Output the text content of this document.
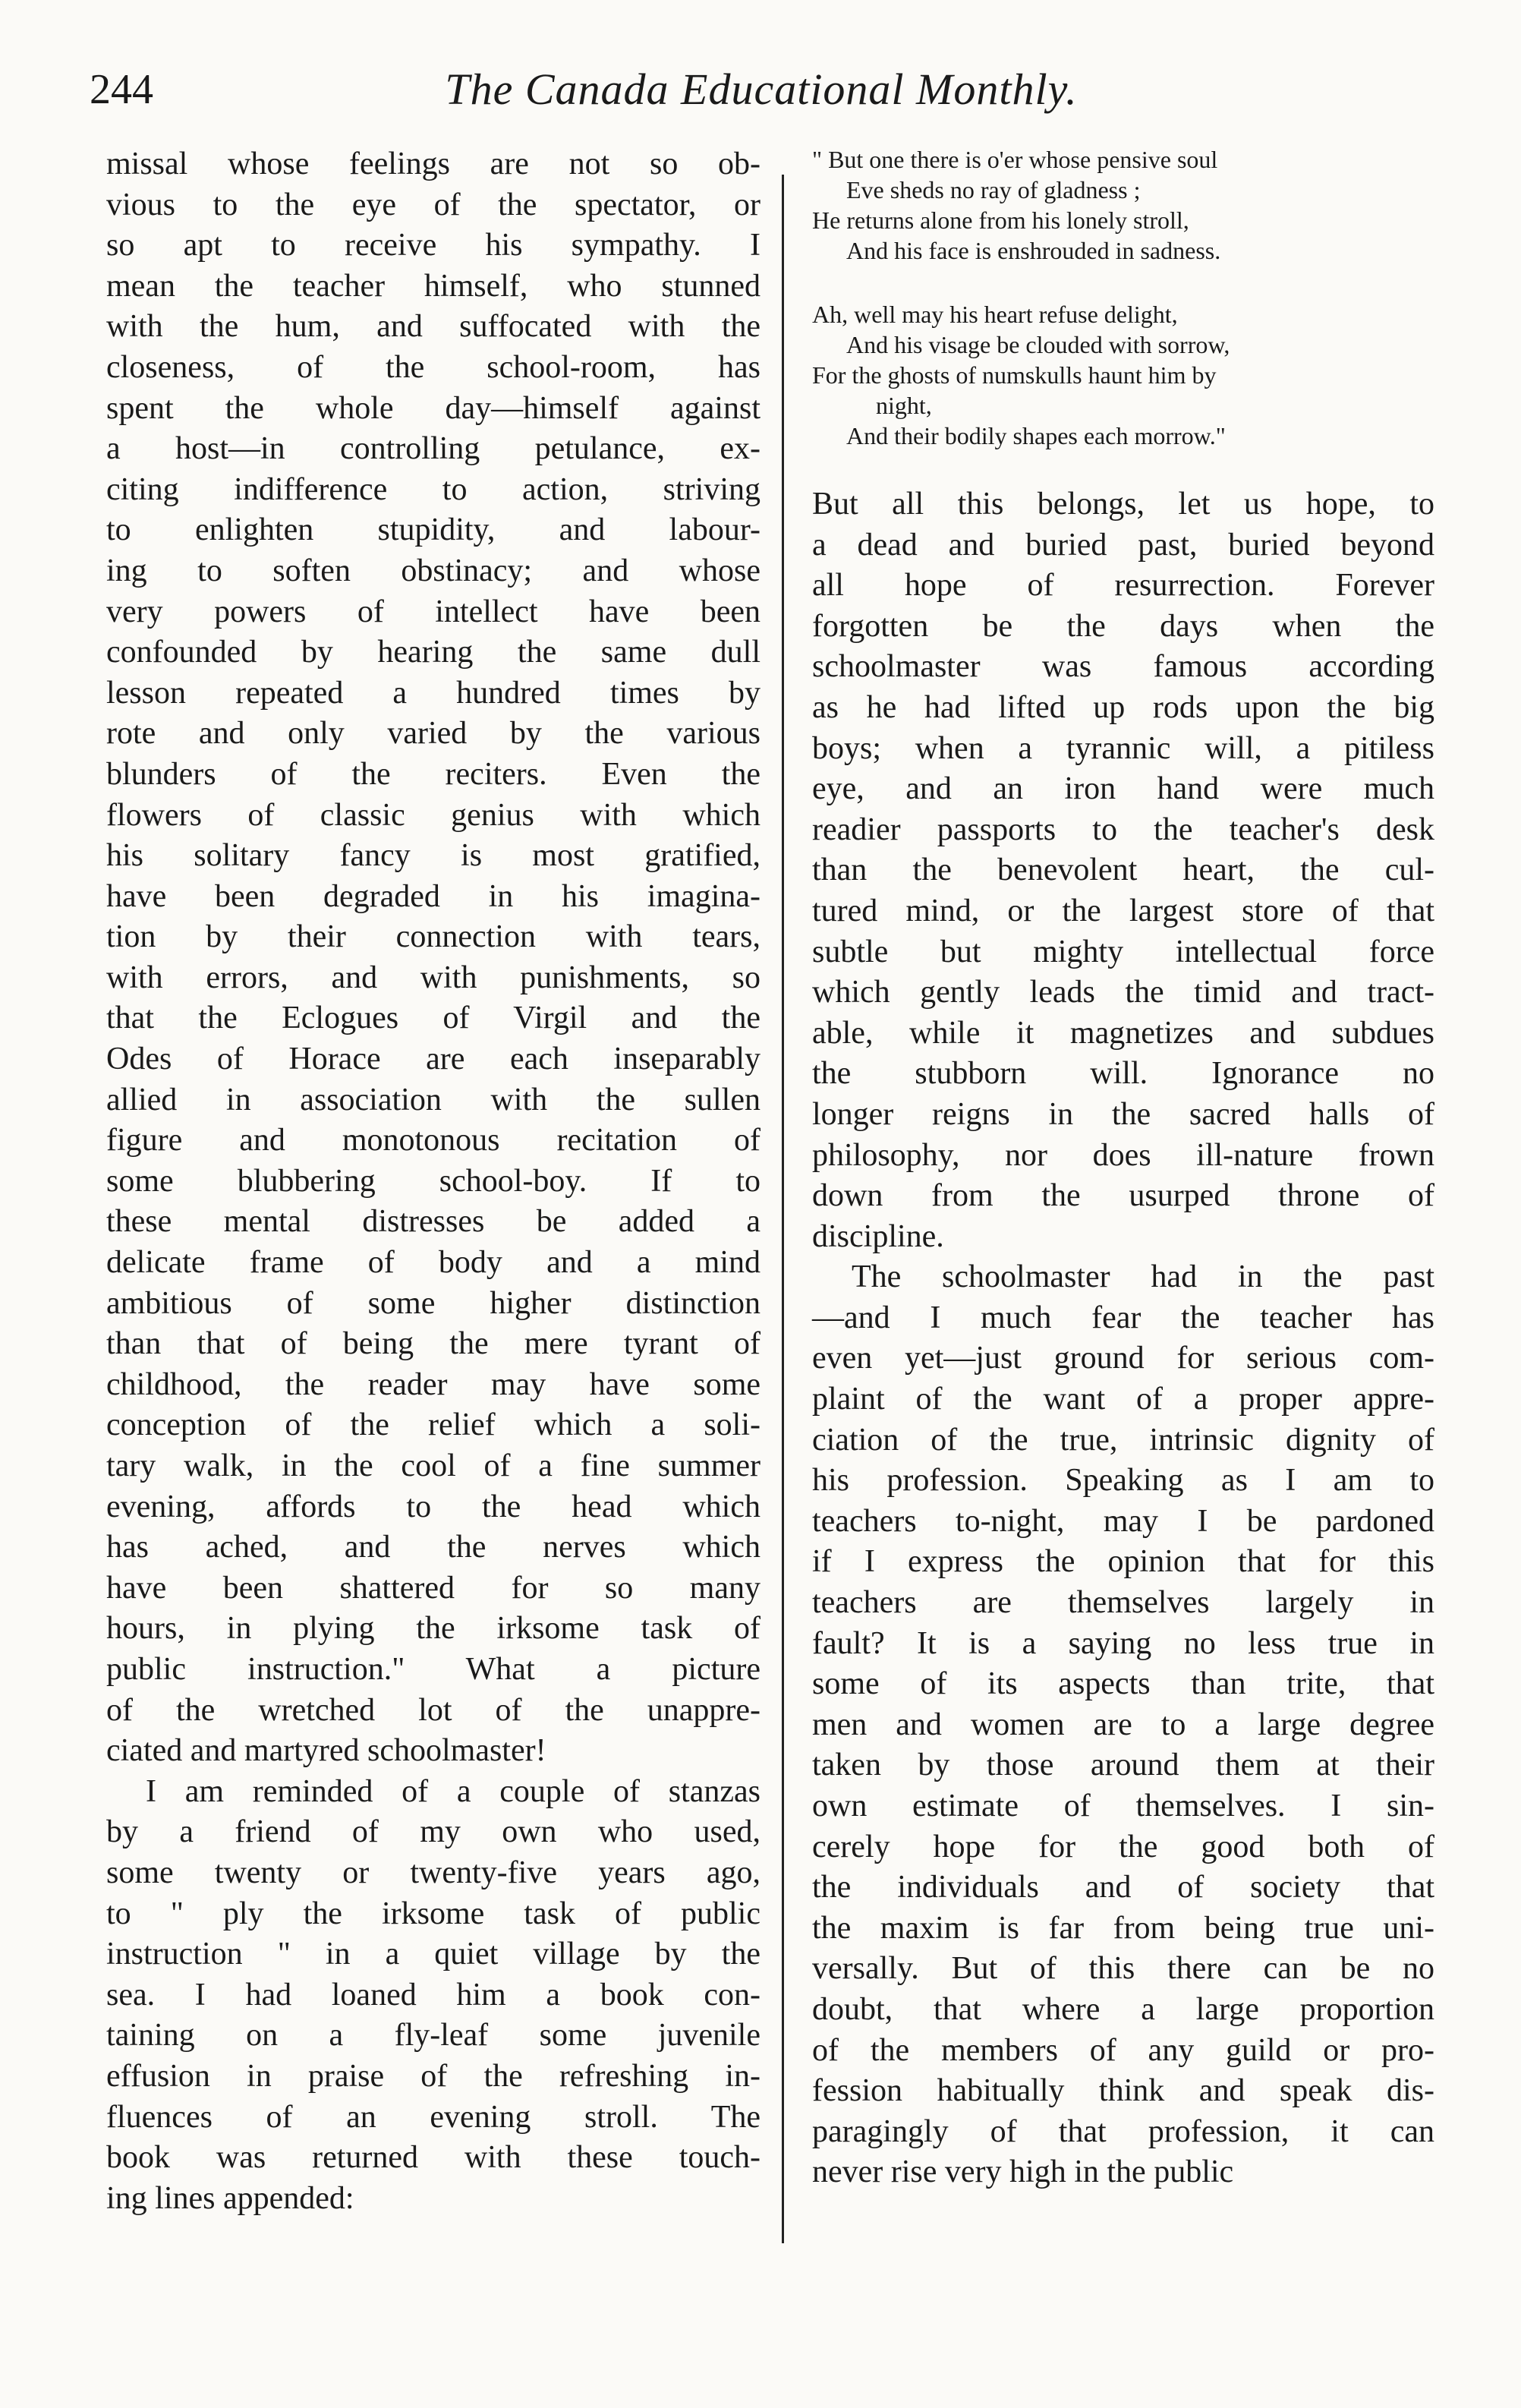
244	The Canada Educational Monthly.

missal whose feelings are not so ob-
vious to the eye of the spectator, or
so apt to receive his sympathy. I
mean the teacher himself, who stunned
with the hum, and suffocated with the
closeness, of the school-room, has
spent the whole day—himself against
a host—in controlling petulance, ex-
citing indifference to action, striving
to enlighten stupidity, and labour-
ing to soften obstinacy; and whose
very powers of intellect have been
confounded by hearing the same dull
lesson repeated a hundred times by
rote and only varied by the various
blunders of the reciters. Even the
flowers of classic genius with which
his solitary fancy is most gratified,
have been degraded in his imagina-
tion by their connection with tears,
with errors, and with punishments, so
that the Eclogues of Virgil and the
Odes of Horace are each inseparably
allied in association with the sullen
figure and monotonous recitation of
some blubbering school-boy. If to
these mental distresses be added a
delicate frame of body and a mind
ambitious of some higher distinction
than that of being the mere tyrant of
childhood, the reader may have some
conception of the relief which a soli-
tary walk, in the cool of a fine summer
evening, affords to the head which
has ached, and the nerves which
have been shattered for so many
hours, in plying the irksome task of
public instruction." What a picture
of the wretched lot of the unappre-
ciated and martyred schoolmaster!

I am reminded of a couple of stanzas
by a friend of my own who used,
some twenty or twenty-five years ago,
to " ply the irksome task of public
instruction " in a quiet village by the
sea. I had loaned him a book con-
taining on a fly-leaf some juvenile
effusion in praise of the refreshing in-
fluences of an evening stroll. The
book was returned with these touch-
ing lines appended:

" But one there is o'er whose pensive soul
Eve sheds no ray of gladness ;
He returns alone from his lonely stroll,
And his face is enshrouded in sadness.
Ah, well may his heart refuse delight,
And his visage be clouded with sorrow,
For the ghosts of numskulls haunt him by
night,
And their bodily shapes each morrow."

But all this belongs, let us hope, to
a dead and buried past, buried beyond
all hope of resurrection. Forever
forgotten be the days when the
schoolmaster was famous according
as he had lifted up rods upon the big
boys; when a tyrannic will, a pitiless
eye, and an iron hand were much
readier passports to the teacher's desk
than the benevolent heart, the cul-
tured mind, or the largest store of that
subtle but mighty intellectual force
which gently leads the timid and tract-
able, while it magnetizes and subdues
the stubborn will. Ignorance no
longer reigns in the sacred halls of
philosophy, nor does ill-nature frown
down from the usurped throne of
discipline.

The schoolmaster had in the past
—and I much fear the teacher has
even yet—just ground for serious com-
plaint of the want of a proper appre-
ciation of the true, intrinsic dignity of
his profession. Speaking as I am to
teachers to-night, may I be pardoned
if I express the opinion that for this
teachers are themselves largely in
fault? It is a saying no less true in
some of its aspects than trite, that
men and women are to a large degree
taken by those around them at their
own estimate of themselves. I sin-
cerely hope for the good both of
the individuals and of society that
the maxim is far from being true uni-
versally. But of this there can be no
doubt, that where a large proportion
of the members of any guild or pro-
fession habitually think and speak dis-
paragingly of that profession, it can
never rise very high in the public
